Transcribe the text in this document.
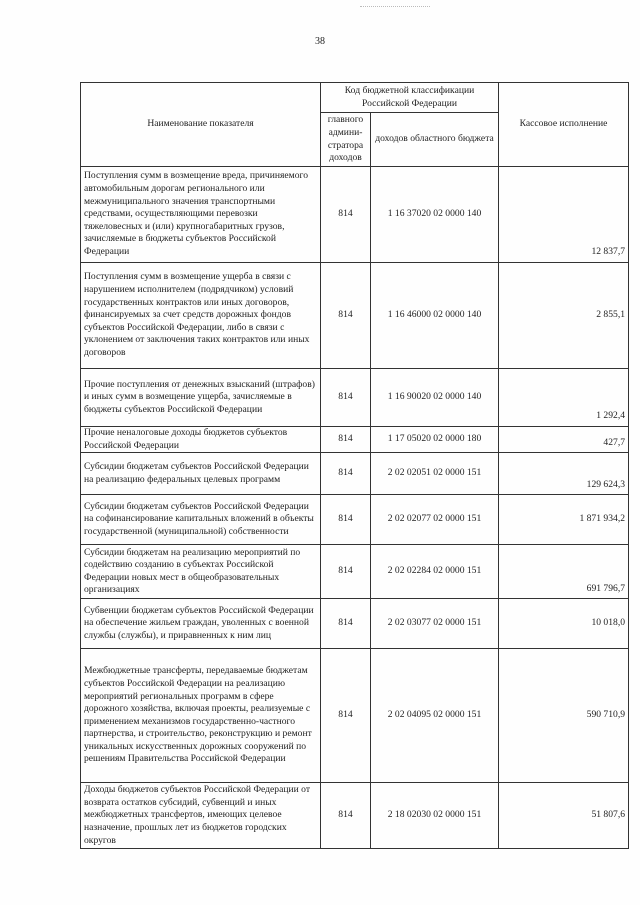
38
Наименование показателя	Код бюджетной классификации Российской Федерации		Кассовое исполнение
	главного админи-стратора доходов	доходов областного бюджета	
Поступления сумм в возмещение вреда, причиняемого автомобильным дорогам регионального или межмуниципального значения транспортными средствами, осуществляющими перевозки тяжеловесных и (или) крупногабаритных грузов, зачисляемые в бюджеты субъектов Российской Федерации	814	1 16 37020 02 0000 140	12 837,7
Поступления сумм в возмещение ущерба в связи с нарушением исполнителем (подрядчиком) условий государственных контрактов или иных договоров, финансируемых за счет средств дорожных фондов субъектов Российской Федерации, либо в связи с уклонением от заключения таких контрактов или иных договоров	814	1 16 46000 02 0000 140	2 855,1
Прочие поступления от денежных взысканий (штрафов) и иных сумм в возмещение ущерба, зачисляемые в бюджеты субъектов Российской Федерации	814	1 16 90020 02 0000 140	1 292,4
Прочие неналоговые доходы бюджетов субъектов Российской Федерации	814	1 17 05020 02 0000 180	427,7
Субсидии бюджетам субъектов Российской Федерации на реализацию федеральных целевых программ	814	2 02 02051 02 0000 151	129 624,3
Субсидии бюджетам субъектов Российской Федерации на софинансирование капитальных вложений в объекты государственной (муниципальной) собственности	814	2 02 02077 02 0000 151	1 871 934,2
Субсидии бюджетам на реализацию мероприятий по содействию созданию в субъектах Российской Федерации новых мест в общеобразовательных организациях	814	2 02 02284 02 0000 151	691 796,7
Субвенции бюджетам субъектов Российской Федерации на обеспечение жильем граждан, уволенных с военной службы (службы), и приравненных к ним лиц	814	2 02 03077 02 0000 151	10 018,0
Межбюджетные трансферты, передаваемые бюджетам субъектов Российской Федерации на реализацию мероприятий региональных программ в сфере дорожного хозяйства, включая проекты, реализуемые с применением механизмов государственно-частного партнерства, и строительство, реконструкцию и ремонт уникальных искусственных дорожных сооружений по решениям Правительства Российской Федерации	814	2 02 04095 02 0000 151	590 710,9
Доходы бюджетов субъектов Российской Федерации от возврата остатков субсидий, субвенций и иных межбюджетных трансфертов, имеющих целевое назначение, прошлых лет из бюджетов городских округов	814	2 18 02030 02 0000 151	51 807,6
